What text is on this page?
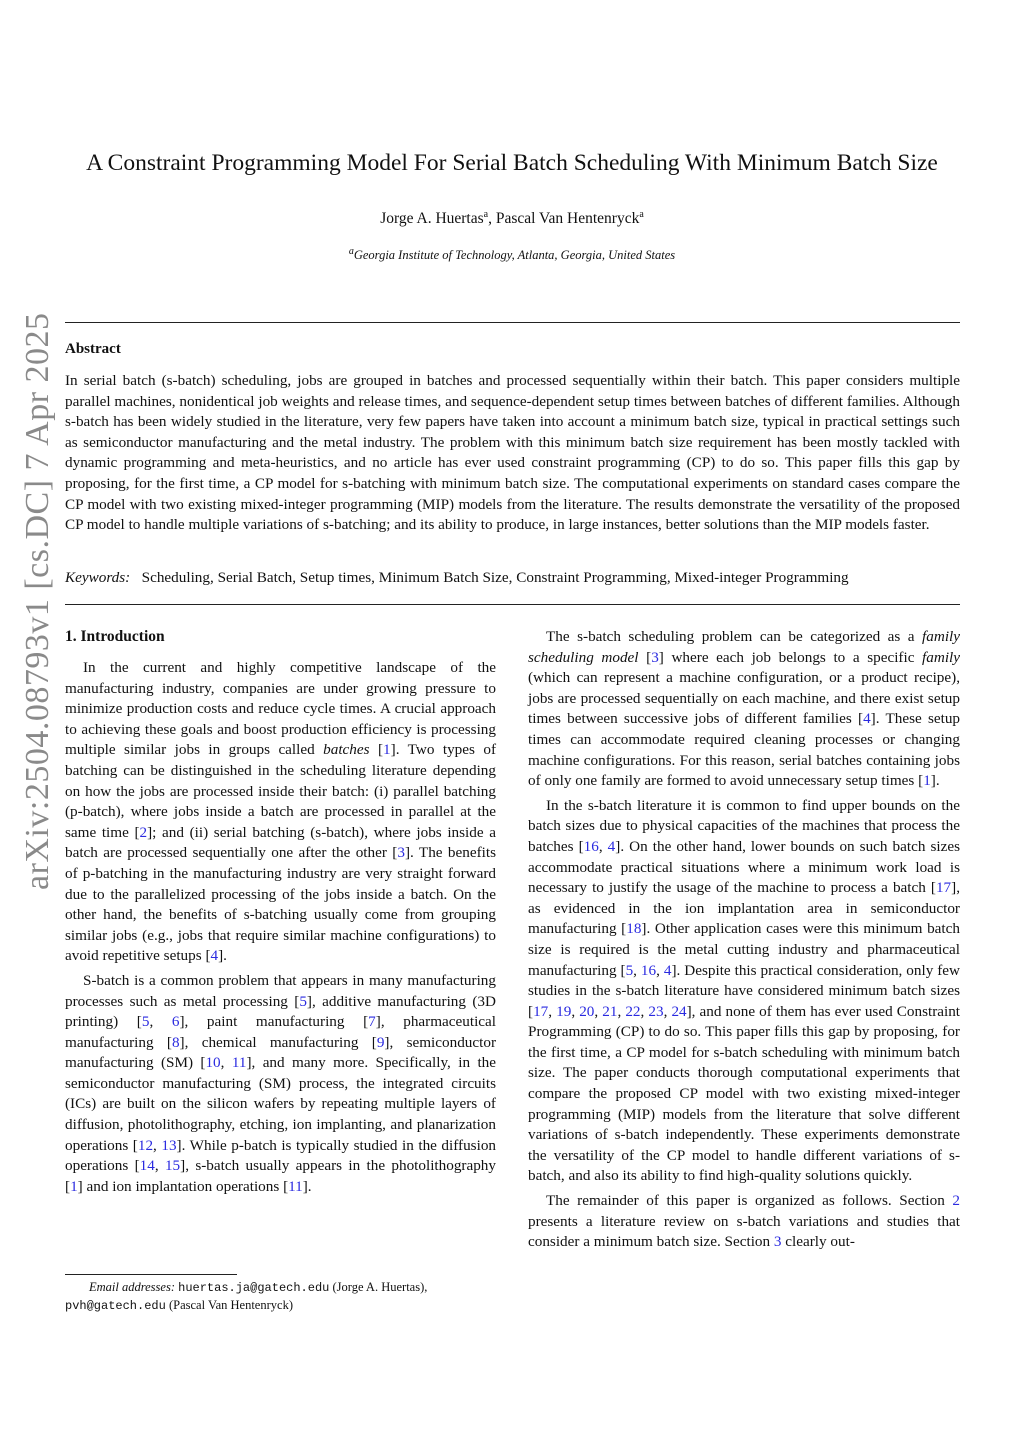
arXiv:2504.08793v1 [cs.DC] 7 Apr 2025
A Constraint Programming Model For Serial Batch Scheduling With Minimum Batch Size
Jorge A. Huertas$^a$, Pascal Van Hentenryck$^a$
$^a$Georgia Institute of Technology, Atlanta, Georgia, United States
Abstract
In serial batch (s-batch) scheduling, jobs are grouped in batches and processed sequentially within their batch. This paper considers multiple parallel machines, nonidentical job weights and release times, and sequence-dependent setup times between batches of different families. Although s-batch has been widely studied in the literature, very few papers have taken into account a minimum batch size, typical in practical settings such as semiconductor manufacturing and the metal industry. The problem with this minimum batch size requirement has been mostly tackled with dynamic programming and meta-heuristics, and no article has ever used constraint programming (CP) to do so. This paper fills this gap by proposing, for the first time, a CP model for s-batching with minimum batch size. The computational experiments on standard cases compare the CP model with two existing mixed-integer programming (MIP) models from the literature. The results demonstrate the versatility of the proposed CP model to handle multiple variations of s-batching; and its ability to produce, in large instances, better solutions than the MIP models faster.
Keywords: Scheduling, Serial Batch, Setup times, Minimum Batch Size, Constraint Programming, Mixed-integer Programming
1. Introduction

In the current and highly competitive landscape of the manufacturing industry, companies are under growing pressure to minimize production costs and reduce cycle times. A crucial approach to achieving these goals and boost production efficiency is processing multiple similar jobs in groups called batches [1]. Two types of batching can be distinguished in the scheduling literature depending on how the jobs are processed inside their batch: (i) parallel batching (p-batch), where jobs inside a batch are processed in parallel at the same time [2]; and (ii) serial batching (s-batch), where jobs inside a batch are processed sequentially one after the other [3]. The benefits of p-batching in the manufacturing industry are very straight forward due to the parallelized processing of the jobs inside a batch. On the other hand, the benefits of s-batching usually come from grouping similar jobs (e.g., jobs that require similar machine configurations) to avoid repetitive setups [4].

S-batch is a common problem that appears in many manufacturing processes such as metal processing [5], additive manufacturing (3D printing) [5, 6], paint manufacturing [7], pharmaceutical manufacturing [8], chemical manufacturing [9], semiconductor manufacturing (SM) [10, 11], and many more. Specifically, in the semiconductor manufacturing (SM) process, the integrated circuits (ICs) are built on the silicon wafers by repeating multiple layers of diffusion, photolithography, etching, ion implanting, and planarization operations [12, 13]. While p-batch is typically studied in the diffusion operations [14, 15], s-batch usually appears in the photolithography [1] and ion implantation operations [11].

The s-batch scheduling problem can be categorized as a family scheduling model [3] where each job belongs to a specific family (which can represent a machine configuration, or a product recipe), jobs are processed sequentially on each machine, and there exist setup times between successive jobs of different families [4]. These setup times can accommodate required cleaning processes or changing machine configurations. For this reason, serial batches containing jobs of only one family are formed to avoid unnecessary setup times [1].

In the s-batch literature it is common to find upper bounds on the batch sizes due to physical capacities of the machines that process the batches [16, 4]. On the other hand, lower bounds on such batch sizes accommodate practical situations where a minimum work load is necessary to justify the usage of the machine to process a batch [17], as evidenced in the ion implantation area in semiconductor manufacturing [18]. Other application cases were this minimum batch size is required is the metal cutting industry and pharmaceutical manufacturing [5, 16, 4]. Despite this practical consideration, only few studies in the s-batch literature have considered minimum batch sizes [17, 19, 20, 21, 22, 23, 24], and none of them has ever used Constraint Programming (CP) to do so. This paper fills this gap by proposing, for the first time, a CP model for s-batch scheduling with minimum batch size. The paper conducts thorough computational experiments that compare the proposed CP model with two existing mixed-integer programming (MIP) models from the literature that solve different variations of s-batch independently. These experiments demonstrate the versatility of the CP model to handle different variations of s-batch, and also its ability to find high-quality solutions quickly.

The remainder of this paper is organized as follows. Section 2 presents a literature review on s-batch variations and studies that consider a minimum batch size. Section 3 clearly out-

Email addresses: huertas.ja@gatech.edu (Jorge A. Huertas),
pvh@gatech.edu (Pascal Van Hentenryck)
